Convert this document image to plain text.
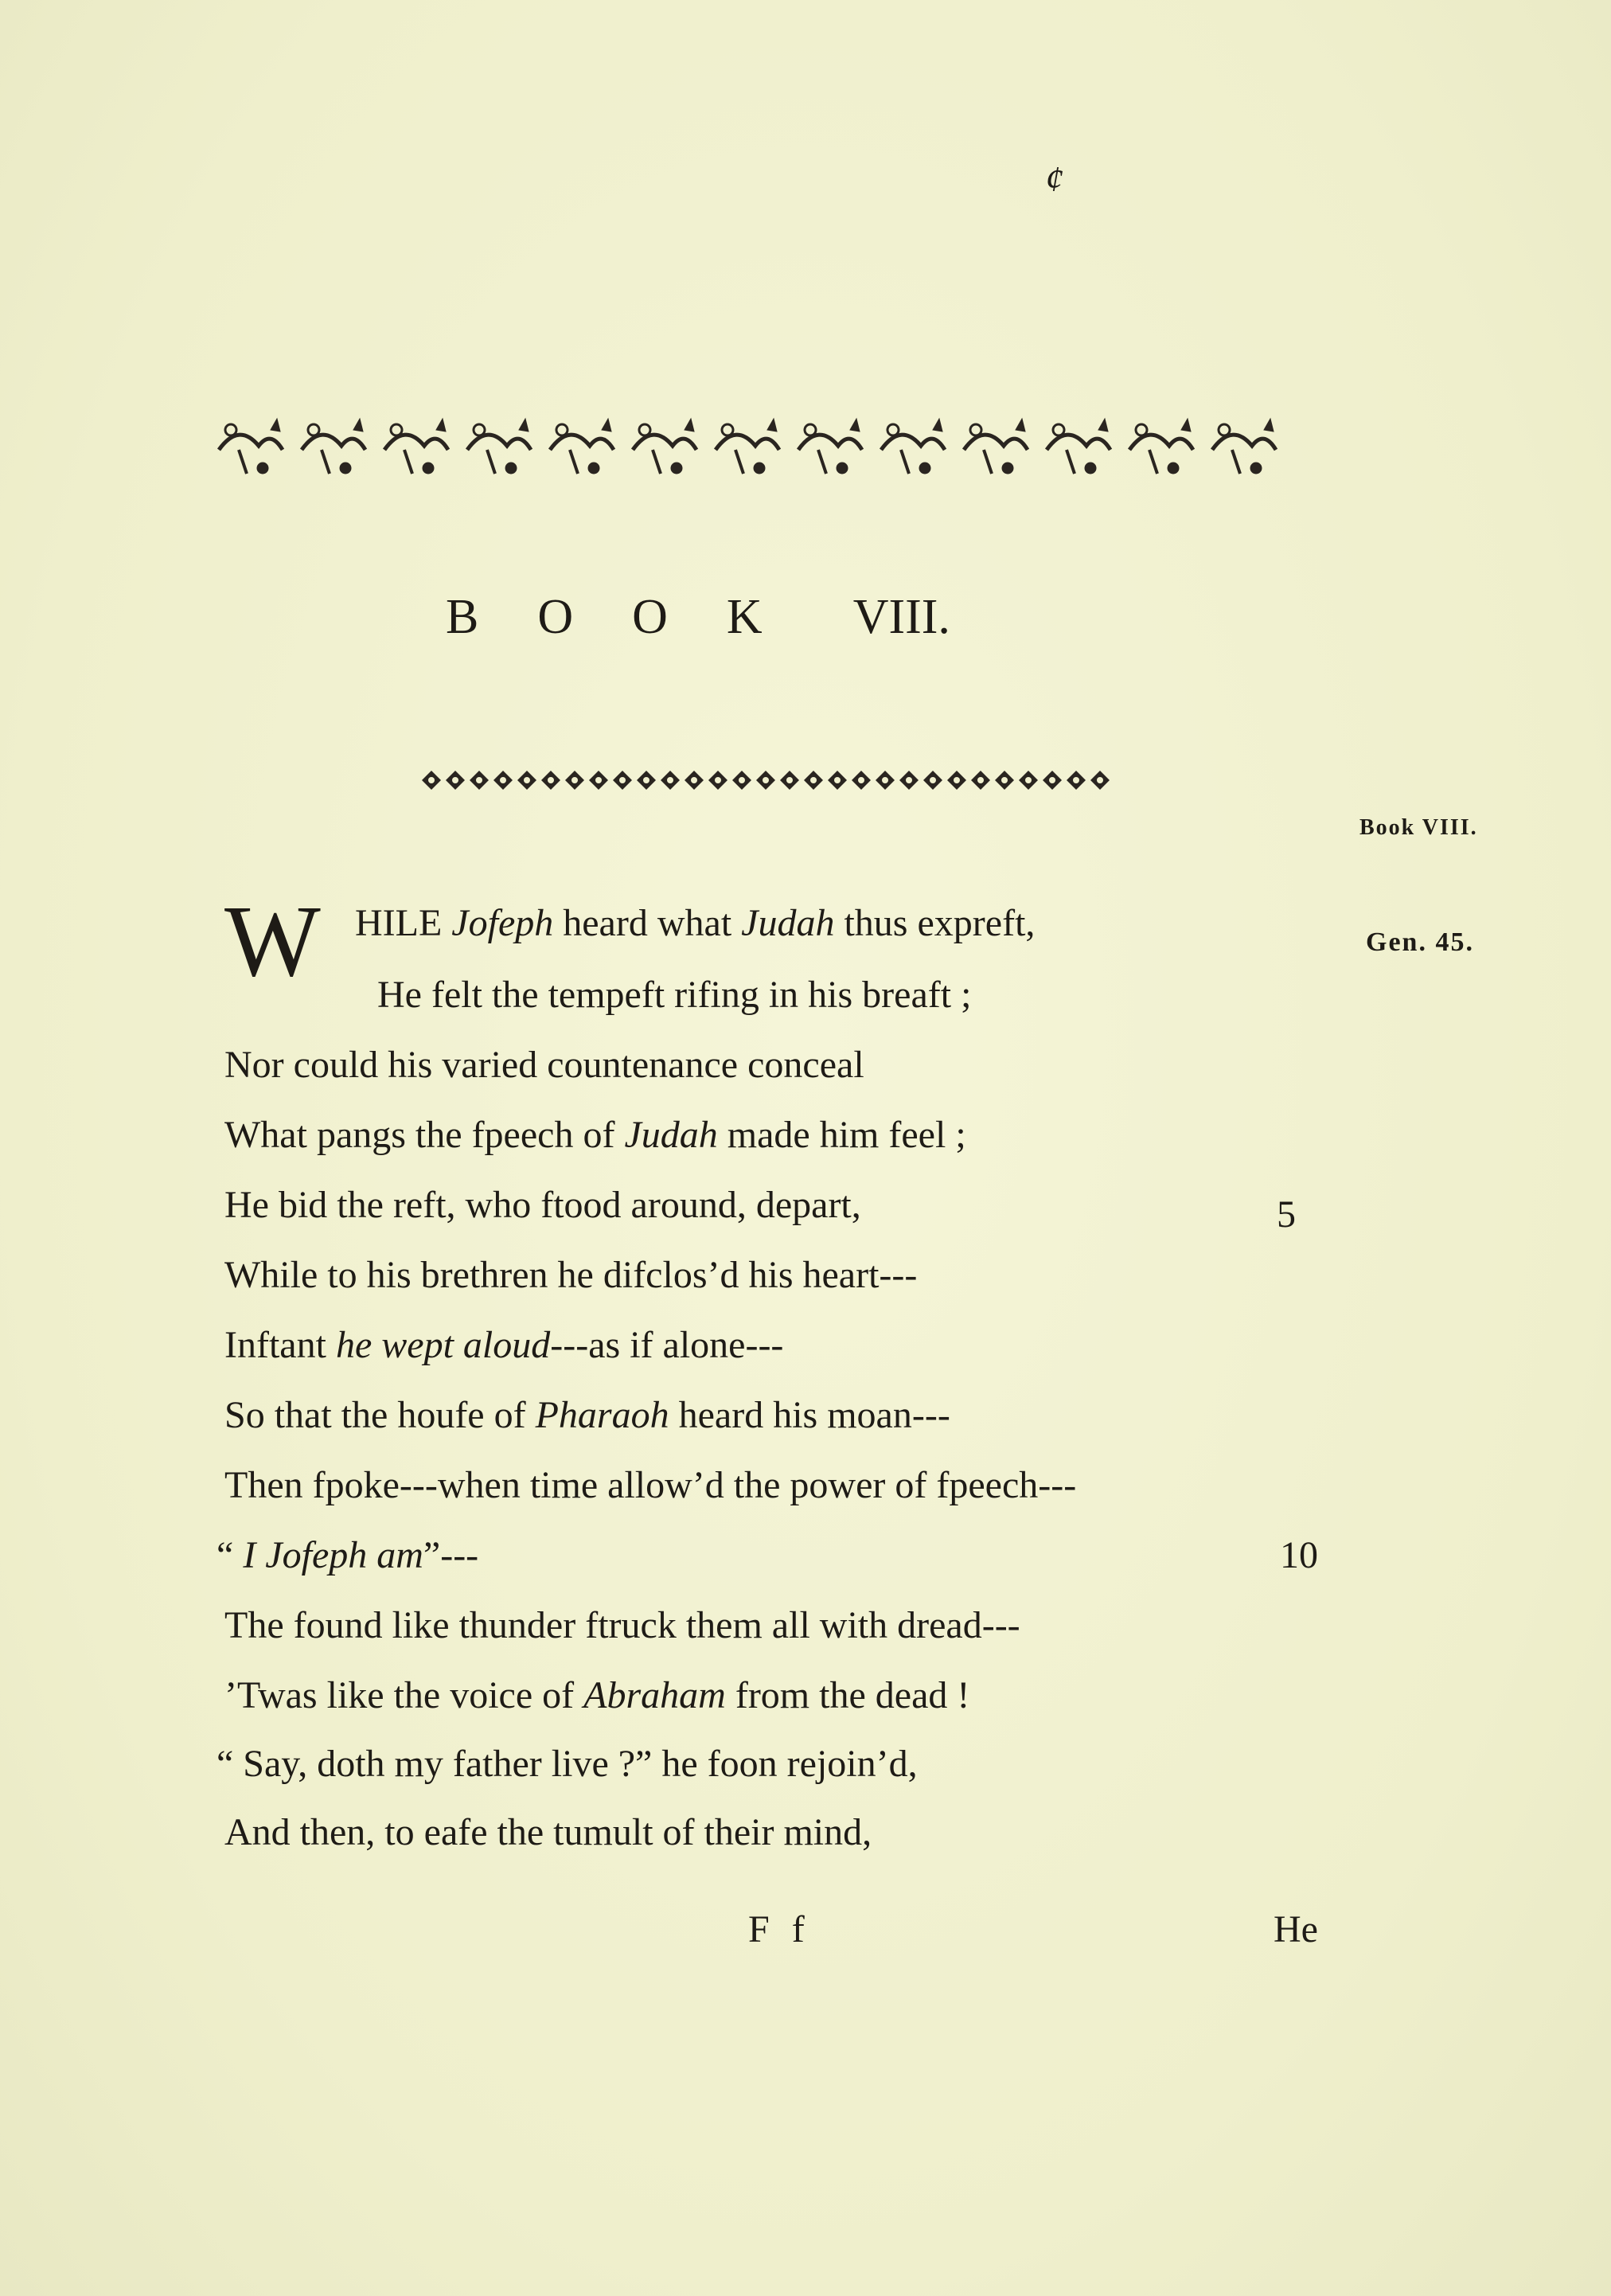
¢
B O O K VIII.
Book VIII.
Gen. 45.
W HILE Jofeph heard what Judah thus expreft,
He felt the tempeft rifing in his breaft ;
Nor could his varied countenance conceal
What pangs the fpeech of Judah made him feel ;
He bid the reft, who ftood around, depart,
While to his brethren he difclos’d his heart---
Inftant he wept aloud---as if alone---
So that the houfe of Pharaoh heard his moan---
Then fpoke---when time allow’d the power of fpeech---
“ I Jofeph am”---
The found like thunder ftruck them all with dread---
’Twas like the voice of Abraham from the dead !
“ Say, doth my father live ?” he foon rejoin’d,
And then, to eafe the tumult of their mind,
5
10
F f	He
